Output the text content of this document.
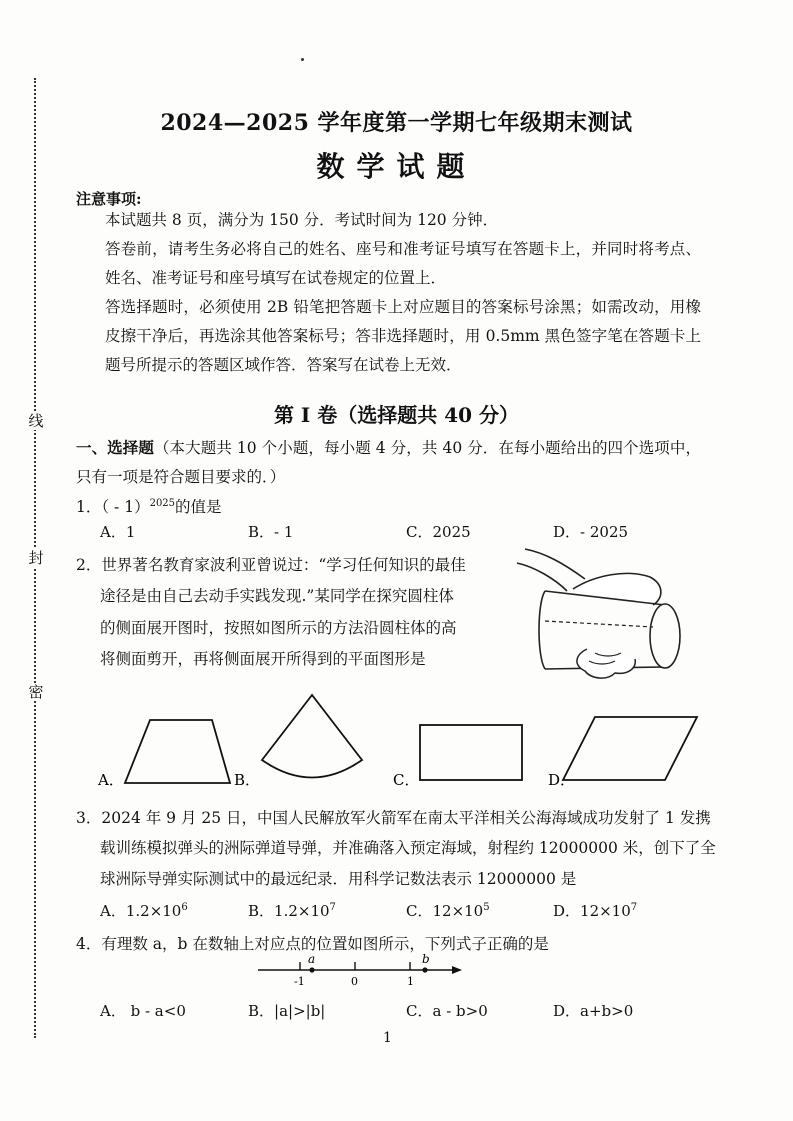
线
封
密
2024—2025 学年度第一学期七年级期末测试
数学试题
注意事项:
本试题共 8 页，满分为 150 分．考试时间为 120 分钟．
答卷前，请考生务必将自己的姓名、座号和准考证号填写在答题卡上，并同时将考点、姓名、准考证号和座号填写在试卷规定的位置上．
答选择题时，必须使用 2B 铅笔把答题卡上对应题目的答案标号涂黑；如需改动，用橡皮擦干净后，再选涂其他答案标号；答非选择题时，用 0.5mm 黑色签字笔在答题卡上题号所提示的答题区域作答．答案写在试卷上无效．
第 I 卷（选择题共 40 分）
一、选择题（本大题共 10 个小题，每小题 4 分，共 40 分．在每小题给出的四个选项中，只有一项是符合题目要求的．）
1．（ - 1）$^{2025}$的值是
A．1	B．- 1	C．2025	D．- 2025
2．世界著名教育家波利亚曾说过：“学习任何知识的最佳
途径是由自己去动手实践发现.”某同学在探究圆柱体
的侧面展开图时，按照如图所示的方法沿圆柱体的高
将侧面剪开，再将侧面展开所得到的平面图形是
A．	B．	C．	D．
3．2024 年 9 月 25 日，中国人民解放军火箭军在南太平洋相关公海海域成功发射了 1 发携
载训练模拟弹头的洲际弹道导弹，并准确落入预定海域，射程约 12000000 米，创下了全
球洲际导弹实际测试中的最远纪录．用科学记数法表示 12000000 是
A．$1.2\times 10^6$	B．$1.2\times 10^7$	C．$12\times 10^5$	D．$12\times 10^7$
4．有理数 a，b 在数轴上对应点的位置如图所示，下列式子正确的是
a	b
-1	0	1
A． b - a<0	B．|a|>|b|	C．a - b>0	D．a+b>0
1
